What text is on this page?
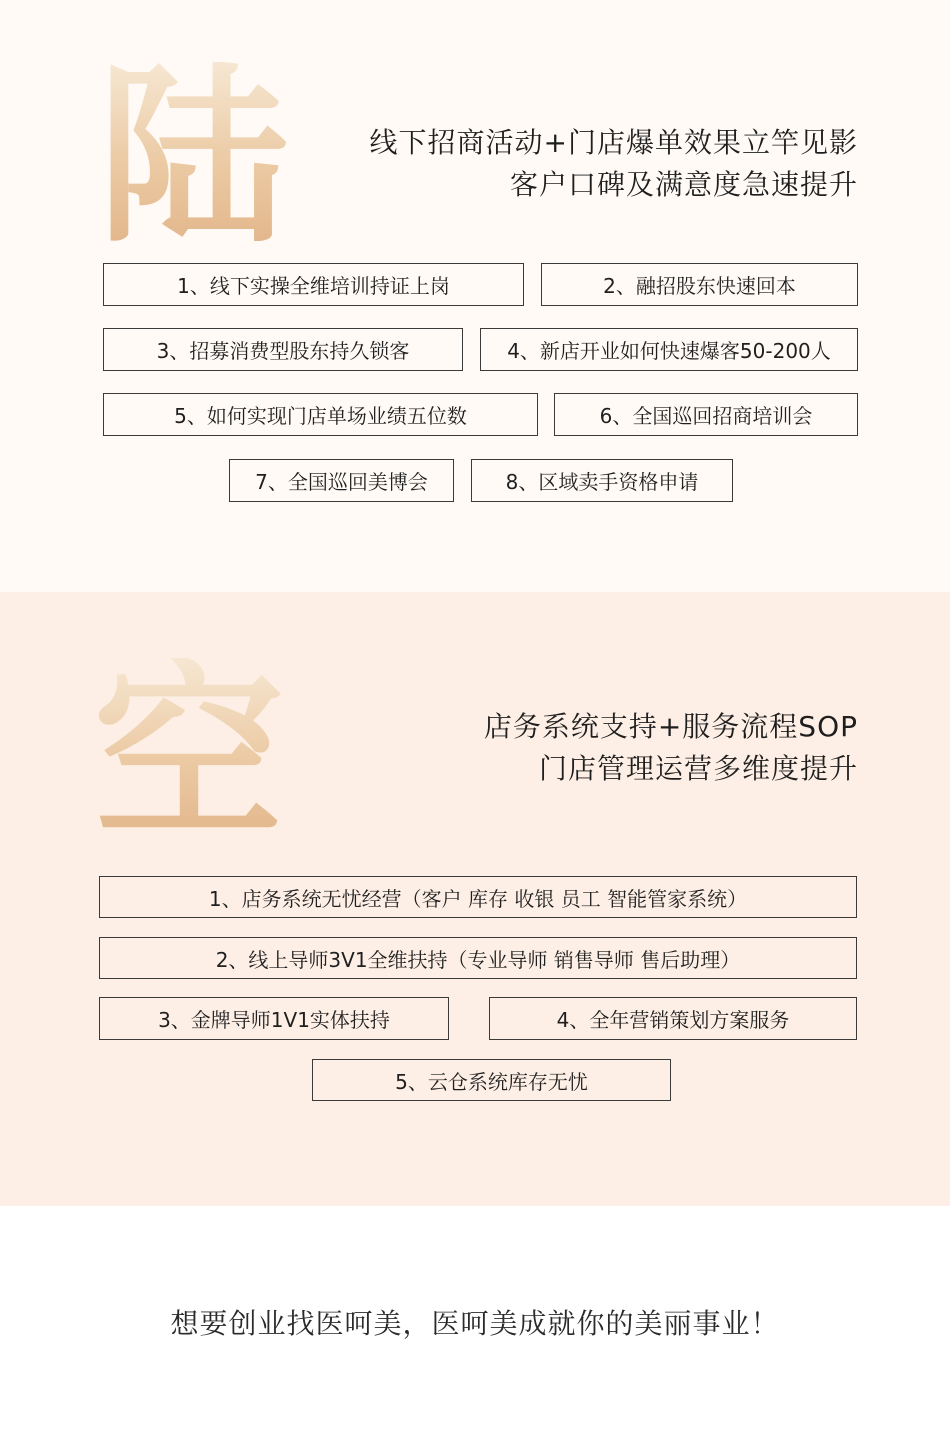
陆	线下招商活动+门店爆单效果立竿见影
客户口碑及满意度急速提升
1、线下实操全维培训持证上岗	2、融招股东快速回本
3、招募消费型股东持久锁客	4、新店开业如何快速爆客50-200人
5、如何实现门店单场业绩五位数	6、全国巡回招商培训会
7、全国巡回美博会	8、区域卖手资格申请
空	店务系统支持+服务流程SOP
门店管理运营多维度提升
1、店务系统无忧经营（客户 库存 收银 员工 智能管家系统）
2、线上导师3V1全维扶持（专业导师 销售导师 售后助理）
3、金牌导师1V1实体扶持	4、全年营销策划方案服务
5、云仓系统库存无忧
想要创业找医呵美，医呵美成就你的美丽事业！
